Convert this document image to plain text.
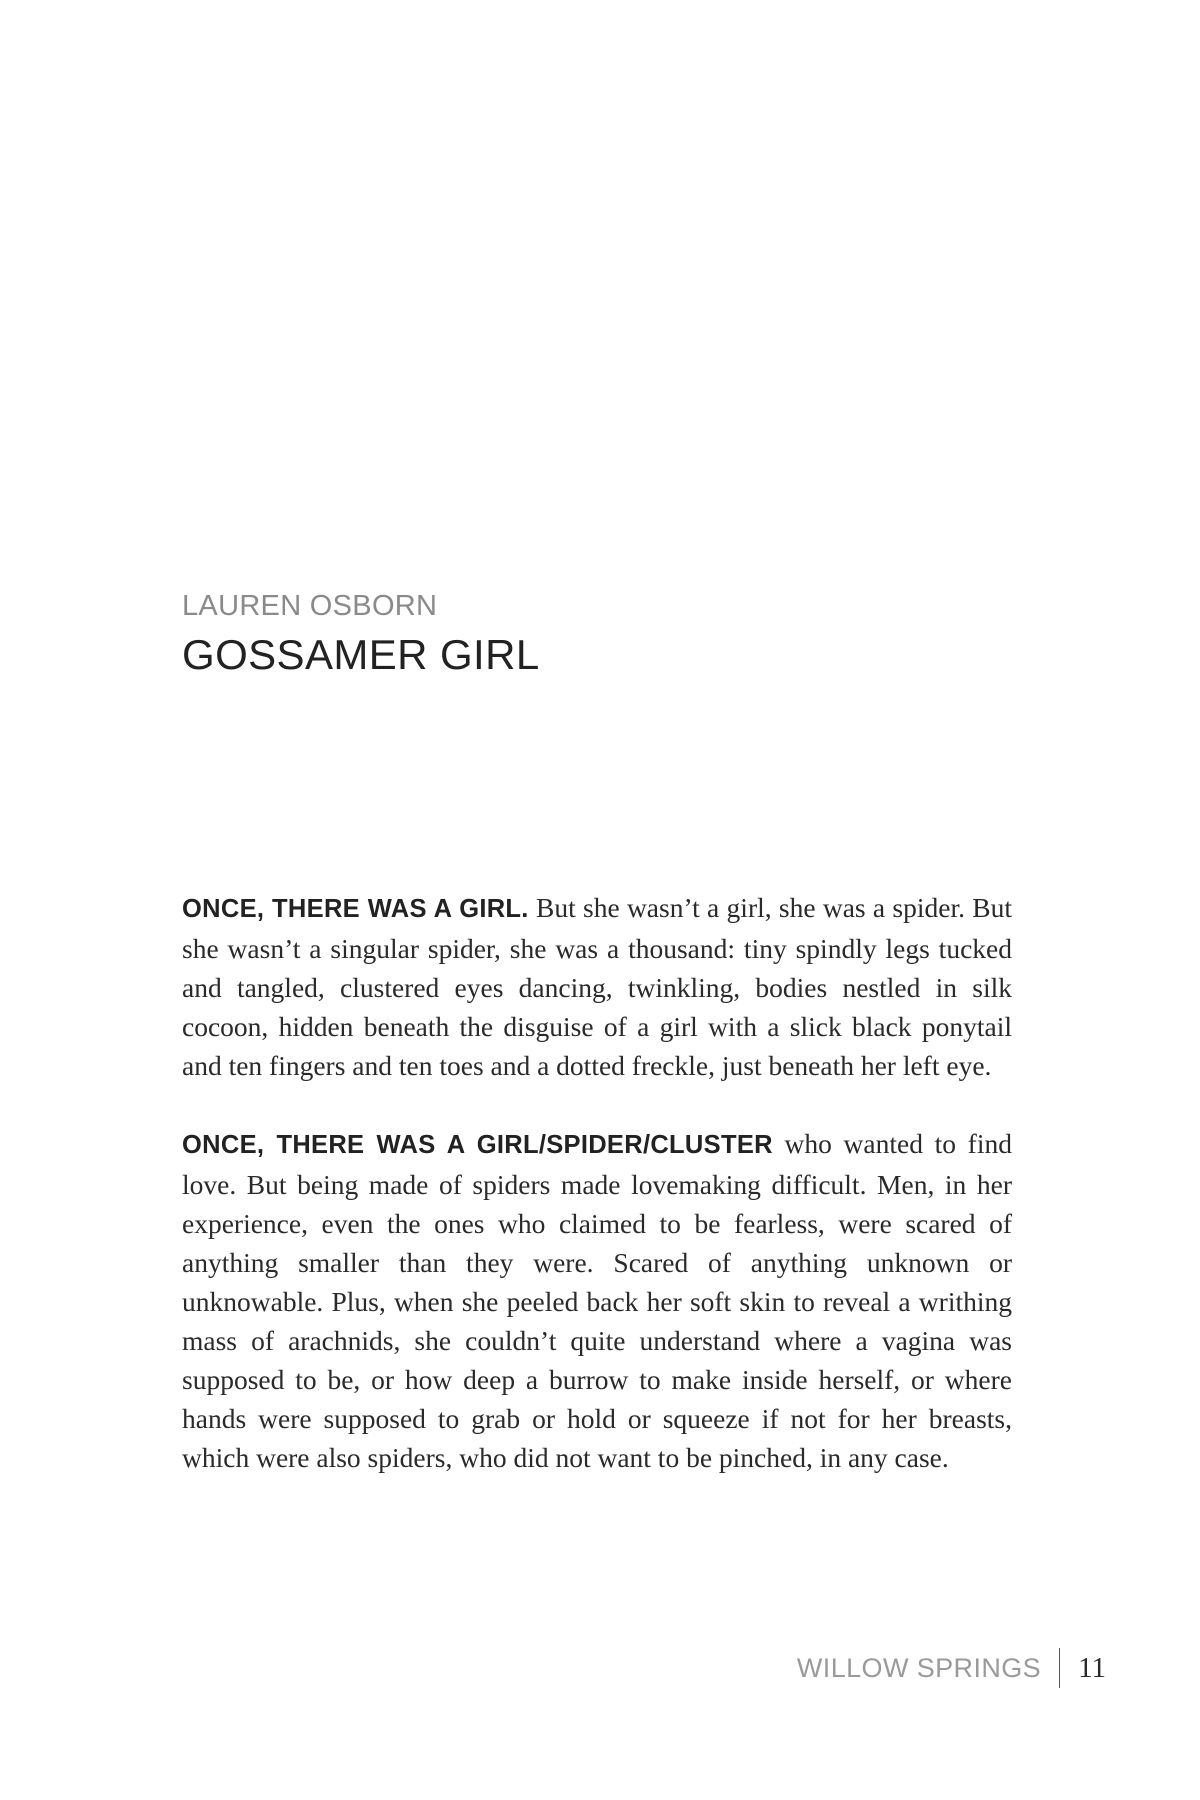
LAUREN OSBORN
GOSSAMER GIRL

ONCE, THERE WAS A GIRL. But she wasn’t a girl, she was a spider. But she wasn’t a singular spider, she was a thousand: tiny spindly legs tucked and tangled, clustered eyes dancing, twinkling, bodies nestled in silk cocoon, hidden beneath the disguise of a girl with a slick black ponytail and ten fingers and ten toes and a dotted freckle, just beneath her left eye.

ONCE, THERE WAS A GIRL/SPIDER/CLUSTER who wanted to find love. But being made of spiders made lovemaking difficult. Men, in her experience, even the ones who claimed to be fearless, were scared of anything smaller than they were. Scared of anything unknown or unknowable. Plus, when she peeled back her soft skin to reveal a writhing mass of arachnids, she couldn’t quite understand where a vagina was supposed to be, or how deep a burrow to make inside herself, or where hands were supposed to grab or hold or squeeze if not for her breasts, which were also spiders, who did not want to be pinched, in any case.

WILLOW SPRINGS	11
